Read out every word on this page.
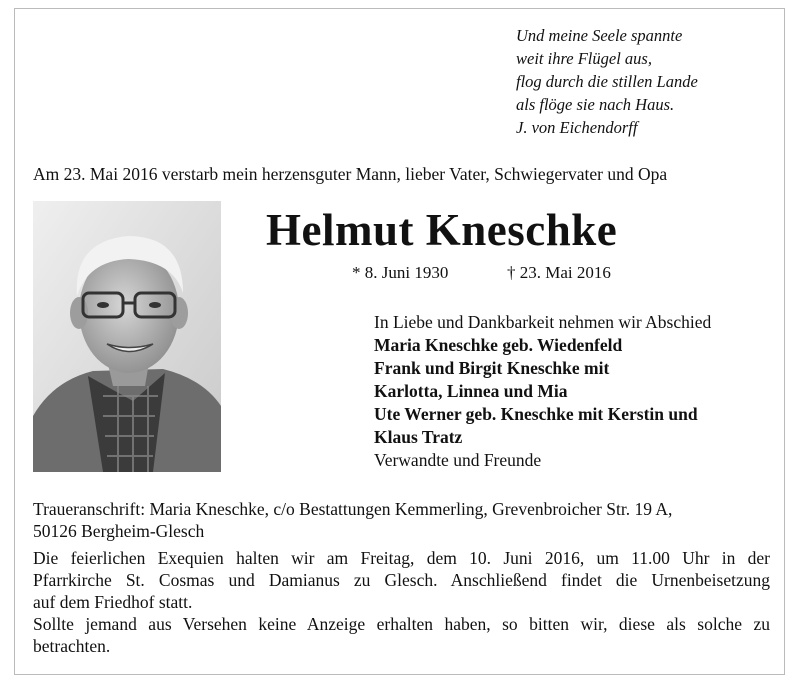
Und meine Seele spannte
weit ihre Flügel aus,
flog durch die stillen Lande
als flöge sie nach Haus.
J. von Eichendorff
Am 23. Mai 2016 verstarb mein herzensguter Mann, lieber Vater, Schwiegervater und Opa
Helmut Kneschke
* 8. Juni 1930	† 23. Mai 2016
In Liebe und Dankbarkeit nehmen wir Abschied
Maria Kneschke geb. Wiedenfeld
Frank und Birgit Kneschke mit
Karlotta, Linnea und Mia
Ute Werner geb. Kneschke mit Kerstin und
Klaus Tratz
Verwandte und Freunde
Traueranschrift: Maria Kneschke, c/o Bestattungen Kemmerling, Grevenbroicher Str. 19 A,
50126 Bergheim-Glesch
Die feierlichen Exequien halten wir am Freitag, dem 10. Juni 2016, um 11.00 Uhr in der
Pfarrkirche St. Cosmas und Damianus zu Glesch. Anschließend findet die Urnenbeisetzung
auf dem Friedhof statt.
Sollte jemand aus Versehen keine Anzeige erhalten haben, so bitten wir, diese als solche zu
betrachten.
